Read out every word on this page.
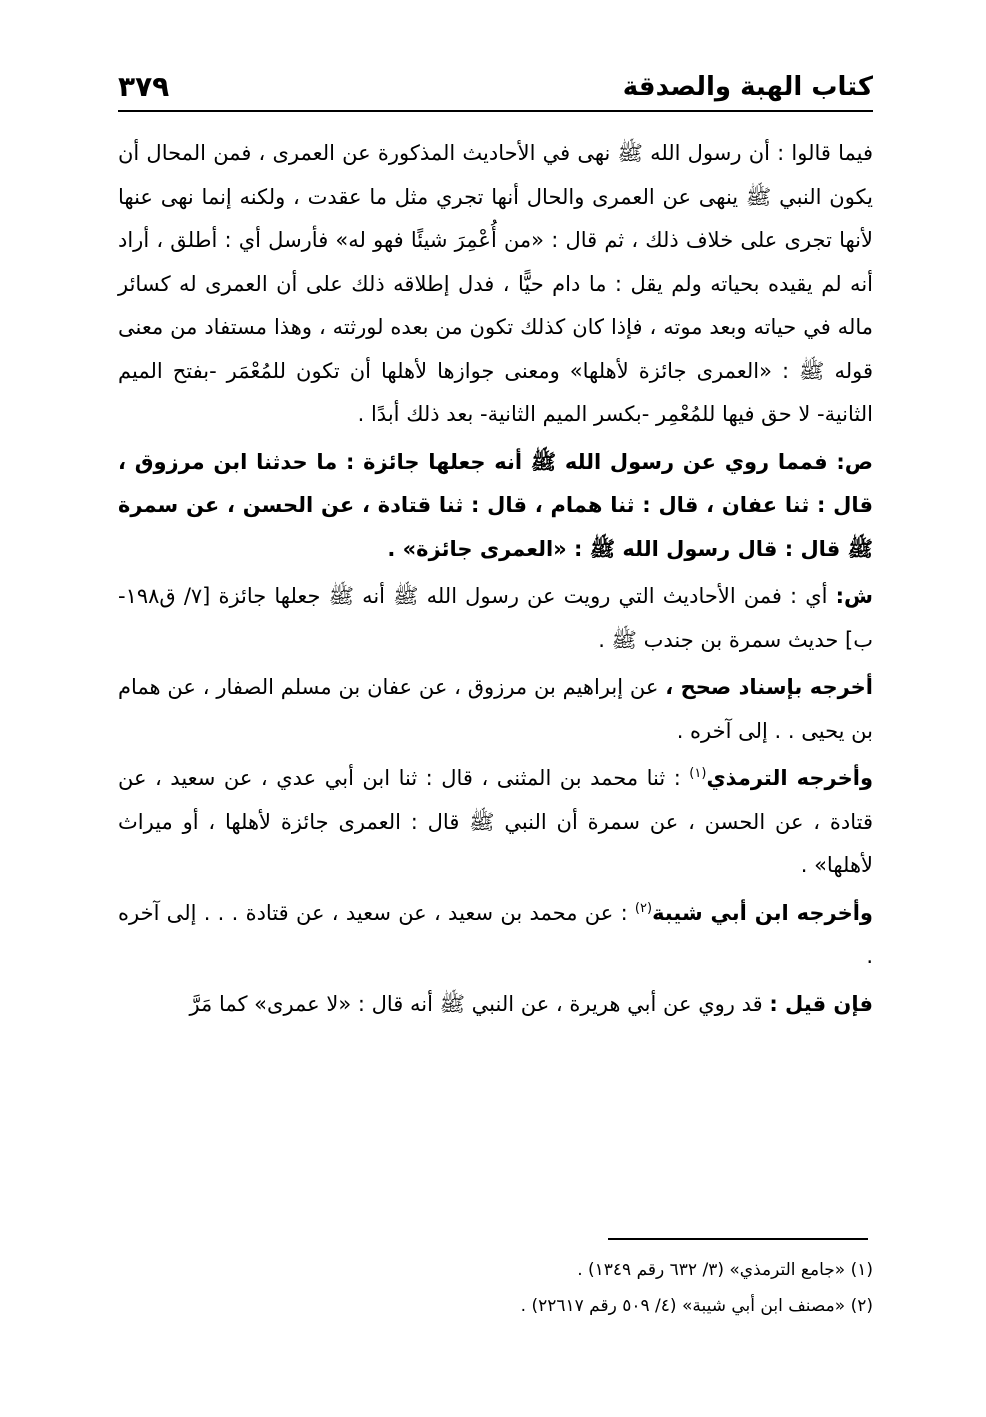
كتاب الهبة والصدقة
٣٧٩

فيما قالوا : أن رسول الله ﷺ نهى في الأحاديث المذكورة عن العمرى ، فمن المحال أن يكون النبي ﷺ ينهى عن العمرى والحال أنها تجري مثل ما عقدت ، ولكنه إنما نهى عنها لأنها تجرى على خلاف ذلك ، ثم قال : «من أُعْمِرَ شيئًا فهو له» فأرسل أي : أطلق ، أراد أنه لم يقيده بحياته ولم يقل : ما دام حيًّا ، فدل إطلاقه ذلك على أن العمرى له كسائر ماله في حياته وبعد موته ، فإذا كان كذلك تكون من بعده لورثته ، وهذا مستفاد من معنى قوله ﷺ : «العمرى جائزة لأهلها» ومعنى جوازها لأهلها أن تكون للمُعْمَر -بفتح الميم الثانية- لا حق فيها للمُعْمِر -بكسر الميم الثانية- بعد ذلك أبدًا .

ص: فمما روي عن رسول الله ﷺ أنه جعلها جائزة : ما حدثنا ابن مرزوق ، قال : ثنا عفان ، قال : ثنا همام ، قال : ثنا قتادة ، عن الحسن ، عن سمرة ﷺ قال : قال رسول الله ﷺ : «العمرى جائزة» .

ش: أي : فمن الأحاديث التي رويت عن رسول الله ﷺ أنه ﷺ جعلها جائزة [٧/ ق١٩٨-ب] حديث سمرة بن جندب ﷺ .

أخرجه بإسناد صحح ، عن إبراهيم بن مرزوق ، عن عفان بن مسلم الصفار ، عن همام بن يحيى . . إلى آخره .

وأخرجه الترمذي$^{(١)}$ : ثنا محمد بن المثنى ، قال : ثنا ابن أبي عدي ، عن سعيد ، عن قتادة ، عن الحسن ، عن سمرة أن النبي ﷺ قال : العمرى جائزة لأهلها ، أو ميراث لأهلها» .

وأخرجه ابن أبي شيبة$^{(٢)}$ : عن محمد بن سعيد ، عن سعيد ، عن قتادة . . . إلى آخره .

فإن قيل : قد روي عن أبي هريرة ، عن النبي ﷺ أنه قال : «لا عمرى» كما مَرَّ

(١) «جامع الترمذي» (٣/ ٦٣٢ رقم ١٣٤٩) .
(٢) «مصنف ابن أبي شيبة» (٤/ ٥٠٩ رقم ٢٢٦١٧) .
